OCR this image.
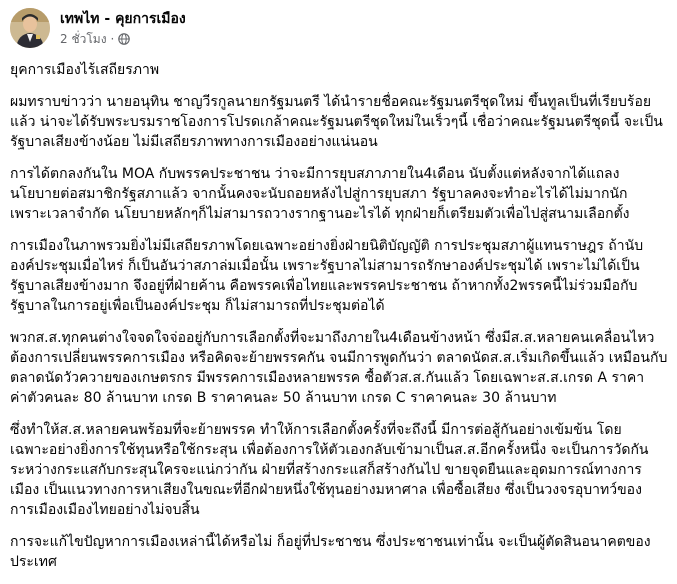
เทพไท - คุยการเมือง
2 ชั่วโมง ·

ยุคการเมืองไร้เสถียรภาพ

ผมทราบข่าวว่า นายอนุทิน ชาญวีรกูลนายกรัฐมนตรี ได้นำรายชื่อคณะรัฐมนตรีชุดใหม่ ขึ้นทูลเป็นที่เรียบร้อย
แล้ว น่าจะได้รับพระบรมราชโองการโปรดเกล้าคณะรัฐมนตรีชุดใหม่ในเร็วๆนี้ เชื่อว่าคณะรัฐมนตรีชุดนี้ จะเป็น
รัฐบาลเสียงข้างน้อย ไม่มีเสถียรภาพทางการเมืองอย่างแน่นอน

การได้ตกลงกันใน MOA กับพรรคประชาชน ว่าจะมีการยุบสภาภายใน4เดือน นับตั้งแต่หลังจากได้แถลง
นโยบายต่อสมาชิกรัฐสภาแล้ว จากนั้นคงจะนับถอยหลังไปสู่การยุบสภา รัฐบาลคงจะทำอะไรได้ไม่มากนัก
เพราะเวลาจำกัด นโยบายหลักๆก็ไม่สามารถวางรากฐานอะไรได้ ทุกฝ่ายก็เตรียมตัวเพื่อไปสู่สนามเลือกตั้ง

การเมืองในภาพรวมยิ่งไม่มีเสถียรภาพโดยเฉพาะอย่างยิ่งฝ่ายนิติบัญญัติ การประชุมสภาผู้แทนราษฎร ถ้านับ
องค์ประชุมเมื่อไหร่ ก็เป็นอันว่าสภาล่มเมื่อนั้น เพราะรัฐบาลไม่สามารถรักษาองค์ประชุมได้ เพราะไม่ได้เป็น
รัฐบาลเสียงข้างมาก จึงอยู่ที่ฝ่ายค้าน คือพรรคเพื่อไทยและพรรคประชาชน ถ้าหากทั้ง2พรรคนี้ไม่ร่วมมือกับ
รัฐบาลในการอยู่เพื่อเป็นองค์ประชุม ก็ไม่สามารถที่ประชุมต่อได้

พวกส.ส.ทุกคนต่างใจจดใจจ่ออยู่กับการเลือกตั้งที่จะมาถึงภายใน4เดือนข้างหน้า ซึ่งมีส.ส.หลายคนเคลื่อนไหว
ต้องการเปลี่ยนพรรคการเมือง หรือคิดจะย้ายพรรคกัน จนมีการพูดกันว่า ตลาดนัดส.ส.เริ่มเกิดขึ้นแล้ว เหมือนกับ
ตลาดนัดวัวควายของเกษตรกร มีพรรคการเมืองหลายพรรค ซื้อตัวส.ส.กันแล้ว โดยเฉพาะส.ส.เกรด A ราคา
ค่าตัวคนละ 80 ล้านบาท เกรด B ราคาคนละ 50 ล้านบาท เกรด C ราคาคนละ 30 ล้านบาท

ซึ่งทำให้ส.ส.หลายคนพร้อมที่จะย้ายพรรค ทำให้การเลือกตั้งครั้งที่จะถึงนี้ มีการต่อสู้กันอย่างเข้มข้น โดย
เฉพาะอย่างยิ่งการใช้ทุนหรือใช้กระสุน เพื่อต้องการให้ตัวเองกลับเข้ามาเป็นส.ส.อีกครั้งหนึ่ง จะเป็นการวัดกัน
ระหว่างกระแสกับกระสุนใครจะแน่กว่ากัน ฝ่ายที่สร้างกระแสก็สร้างกันไป ขายจุดยืนและอุดมการณ์ทางการ
เมือง เป็นแนวทางการหาเสียงในขณะที่อีกฝ่ายหนึ่งใช้ทุนอย่างมหาศาล เพื่อซื้อเสียง ซึ่งเป็นวงจรอุบาทว์ของ
การเมืองเมืองไทยอย่างไม่จบสิ้น

การจะแก้ไขปัญหาการเมืองเหล่านี้ได้หรือไม่ ก็อยู่ที่ประชาชน ซึ่งประชาชนเท่านั้น จะเป็นผู้ตัดสินอนาคตของ
ประเทศ
